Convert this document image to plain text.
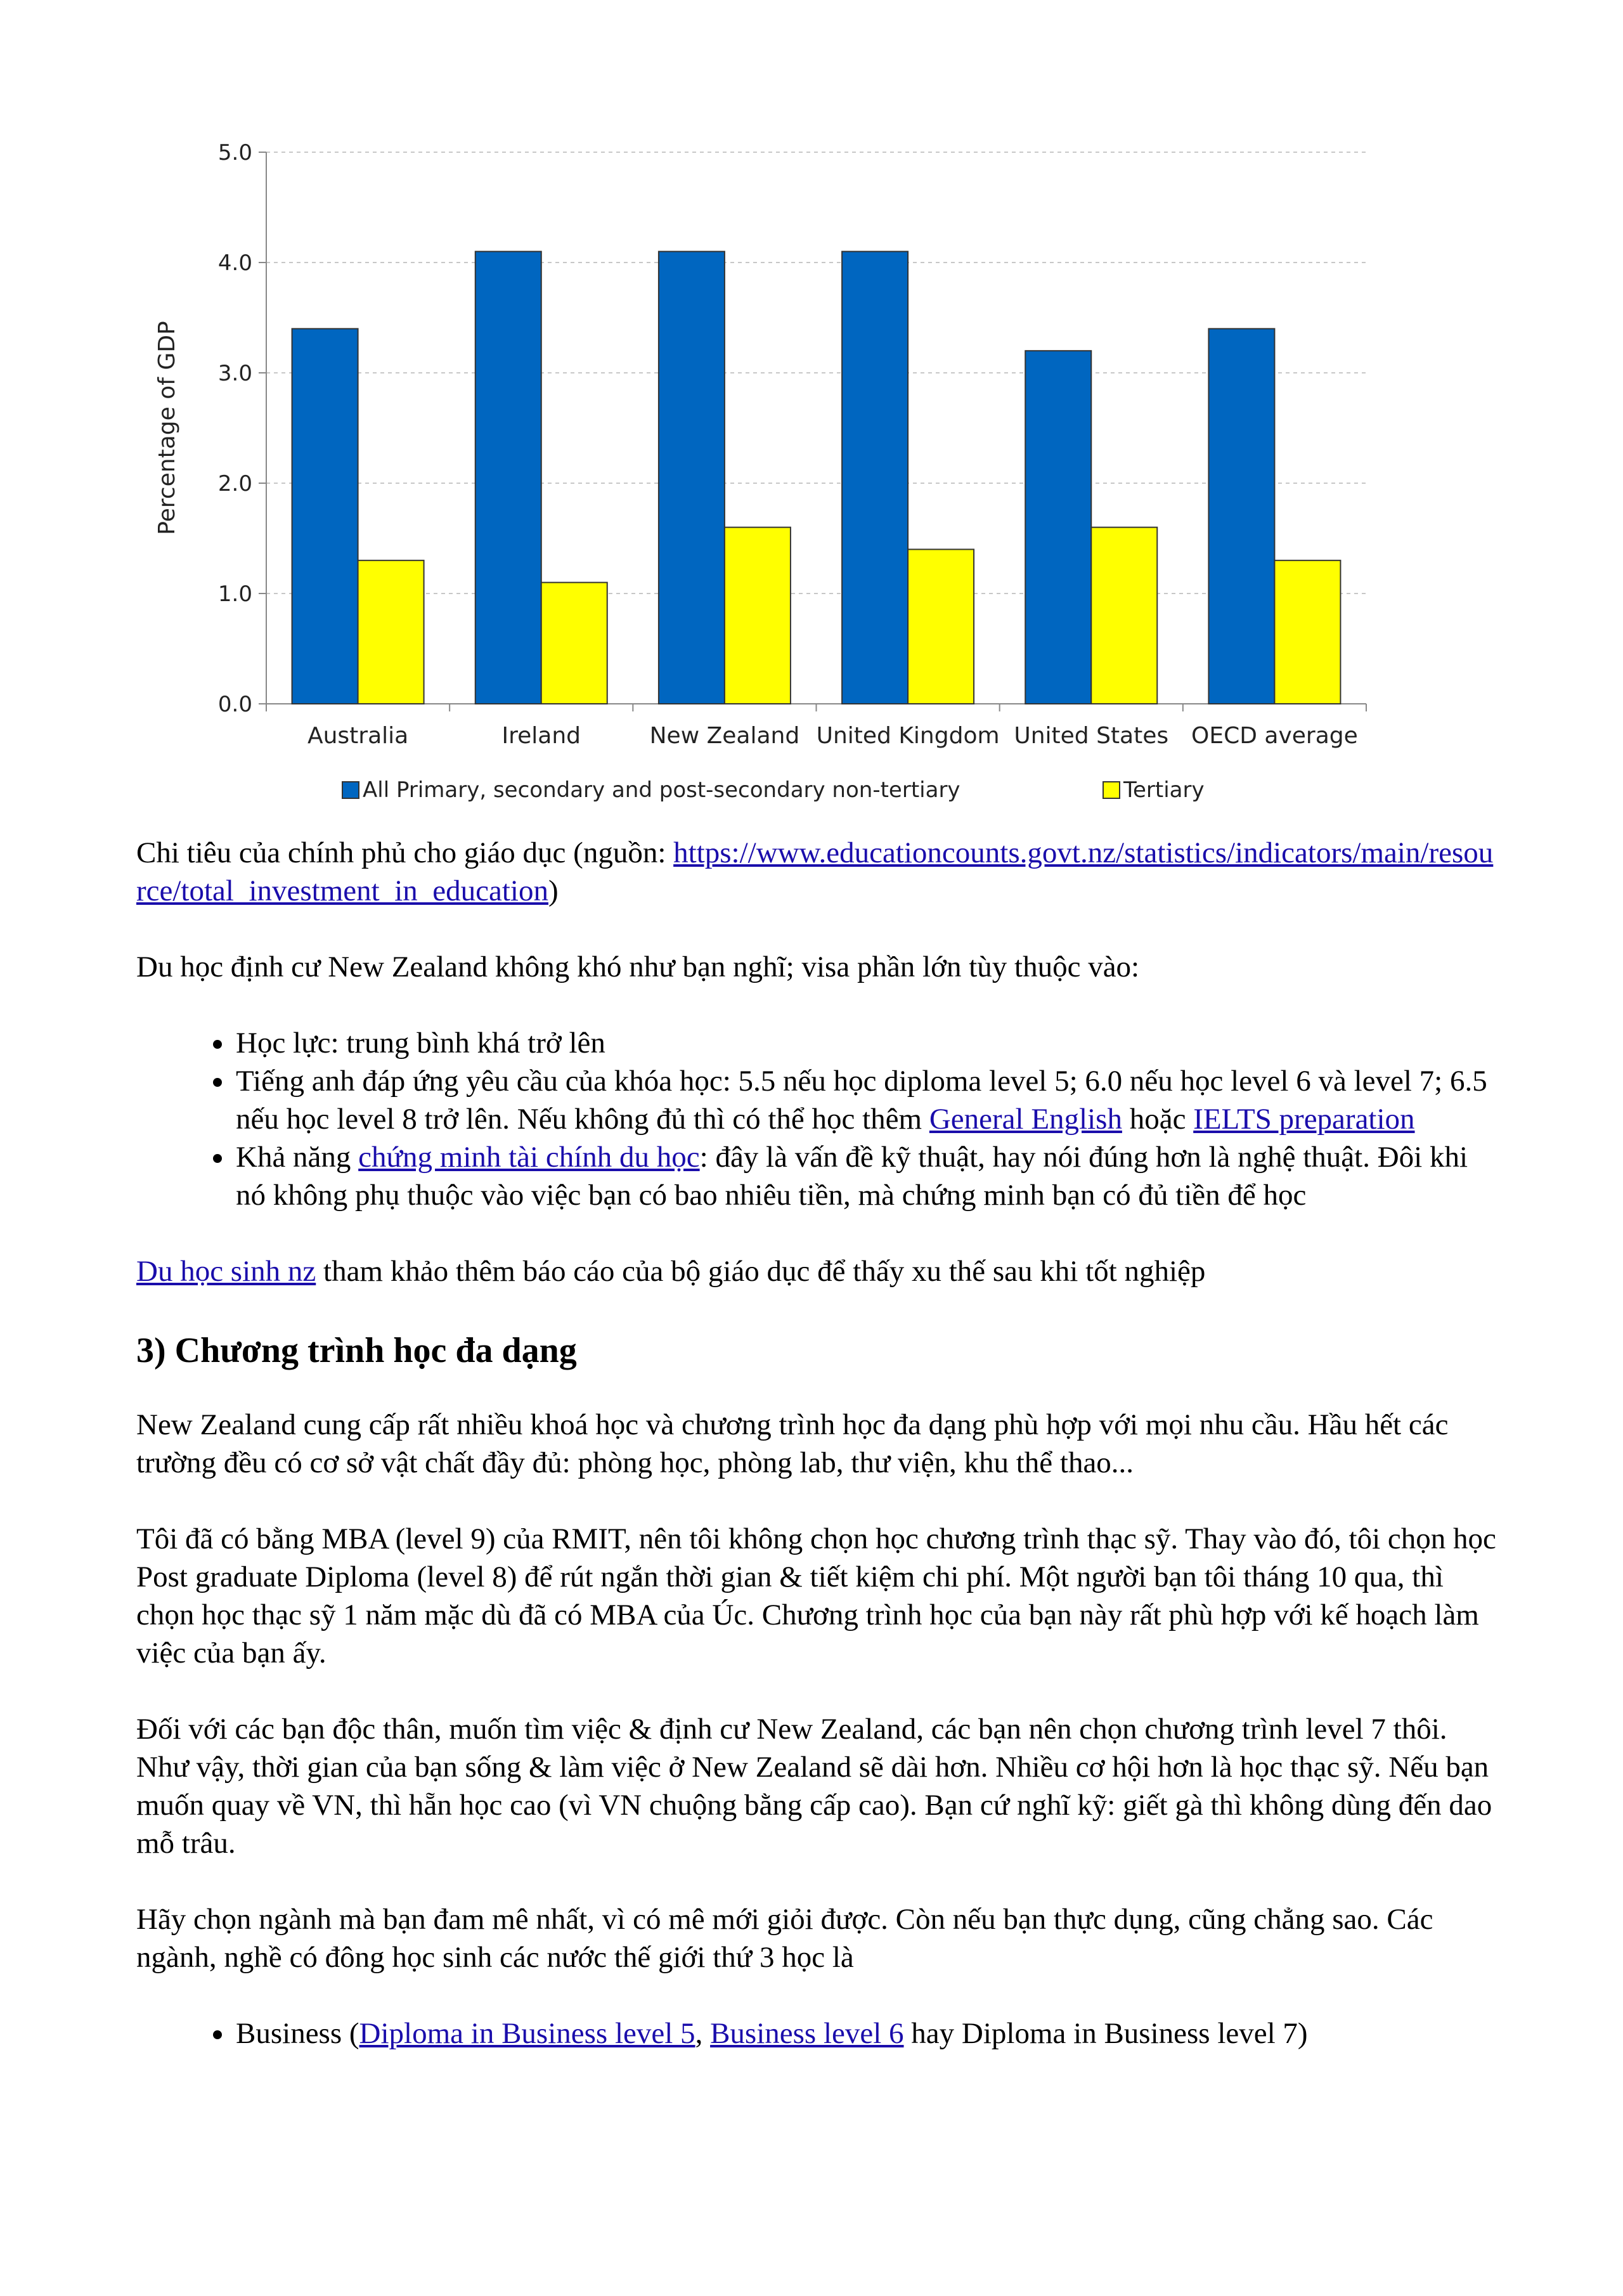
0.0
1.0
2.0
3.0
4.0
5.0
Percentage of GDP
Australia	Ireland	New Zealand United Kingdom United States OECD average
All Primary, secondary and post-secondary non-tertiary	Tertiary

Chi tiêu của chính phủ cho giáo dục (nguồn: https://www.educationcounts.govt.nz/statistics/indicators/main/resource/total_investment_in_education)

Du học định cư New Zealand không khó như bạn nghĩ; visa phần lớn tùy thuộc vào:

• Học lực: trung bình khá trở lên
• Tiếng anh đáp ứng yêu cầu của khóa học: 5.5 nếu học diploma level 5; 6.0 nếu học level 6 và level 7; 6.5 nếu học level 8 trở lên. Nếu không đủ thì có thể học thêm General English hoặc IELTS preparation
• Khả năng chứng minh tài chính du học: đây là vấn đề kỹ thuật, hay nói đúng hơn là nghệ thuật. Đôi khi nó không phụ thuộc vào việc bạn có bao nhiêu tiền, mà chứng minh bạn có đủ tiền để học

Du học sinh nz tham khảo thêm báo cáo của bộ giáo dục để thấy xu thế sau khi tốt nghiệp

3) Chương trình học đa dạng

New Zealand cung cấp rất nhiều khoá học và chương trình học đa dạng phù hợp với mọi nhu cầu. Hầu hết các trường đều có cơ sở vật chất đầy đủ: phòng học, phòng lab, thư viện, khu thể thao...

Tôi đã có bằng MBA (level 9) của RMIT, nên tôi không chọn học chương trình thạc sỹ. Thay vào đó, tôi chọn học Post graduate Diploma (level 8) để rút ngắn thời gian & tiết kiệm chi phí. Một người bạn tôi tháng 10 qua, thì chọn học thạc sỹ 1 năm mặc dù đã có MBA của Úc. Chương trình học của bạn này rất phù hợp với kế hoạch làm việc của bạn ấy.

Đối với các bạn độc thân, muốn tìm việc & định cư New Zealand, các bạn nên chọn chương trình level 7 thôi. Như vậy, thời gian của bạn sống & làm việc ở New Zealand sẽ dài hơn. Nhiều cơ hội hơn là học thạc sỹ. Nếu bạn muốn quay về VN, thì hẵn học cao (vì VN chuộng bằng cấp cao). Bạn cứ nghĩ kỹ: giết gà thì không dùng đến dao mỗ trâu.

Hãy chọn ngành mà bạn đam mê nhất, vì có mê mới giỏi được. Còn nếu bạn thực dụng, cũng chẳng sao. Các ngành, nghề có đông học sinh các nước thế giới thứ 3 học là

• Business (Diploma in Business level 5, Business level 6 hay Diploma in Business level 7)
